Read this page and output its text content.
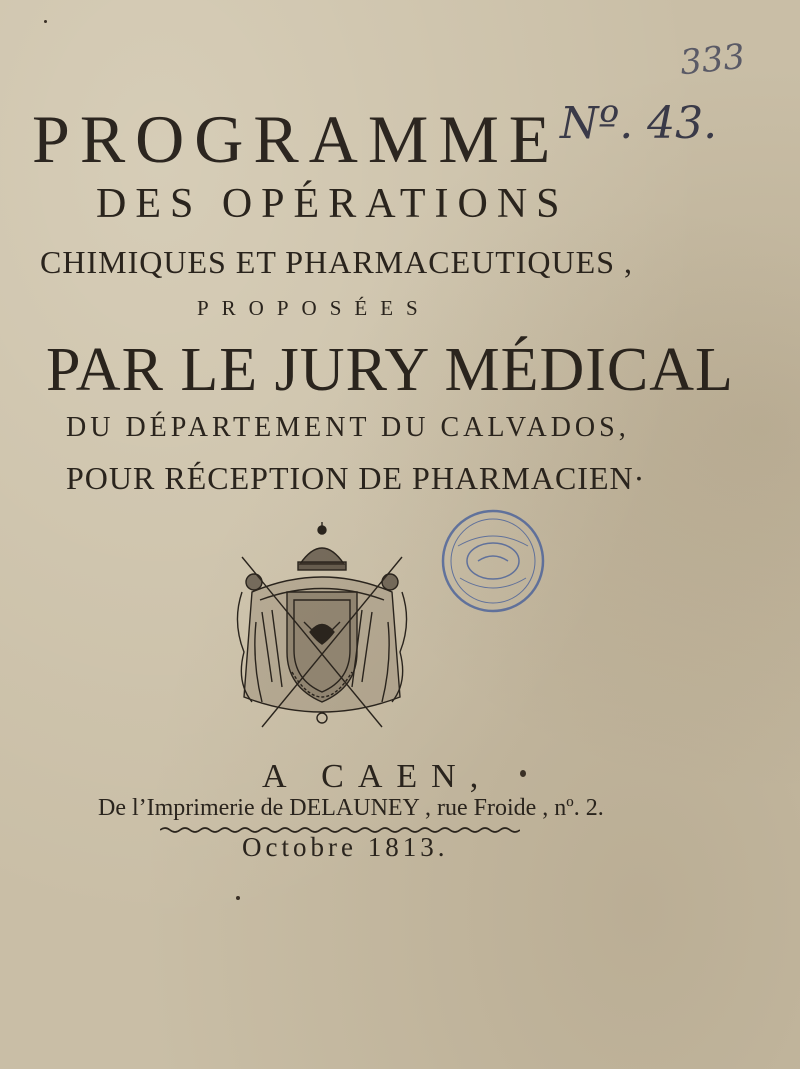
333
PROGRAMME Nº. 43.
DES OPÉRATIONS
CHIMIQUES ET PHARMACEUTIQUES ,
PROPOSÉES
PAR LE JURY MÉDICAL
DU DÉPARTEMENT DU CALVADOS,
POUR RÉCEPTION DE PHARMACIEN·
A CAEN,
De l’Imprimerie de DELAUNEY , rue Froide , nº. 2.
Octobre 1813.
